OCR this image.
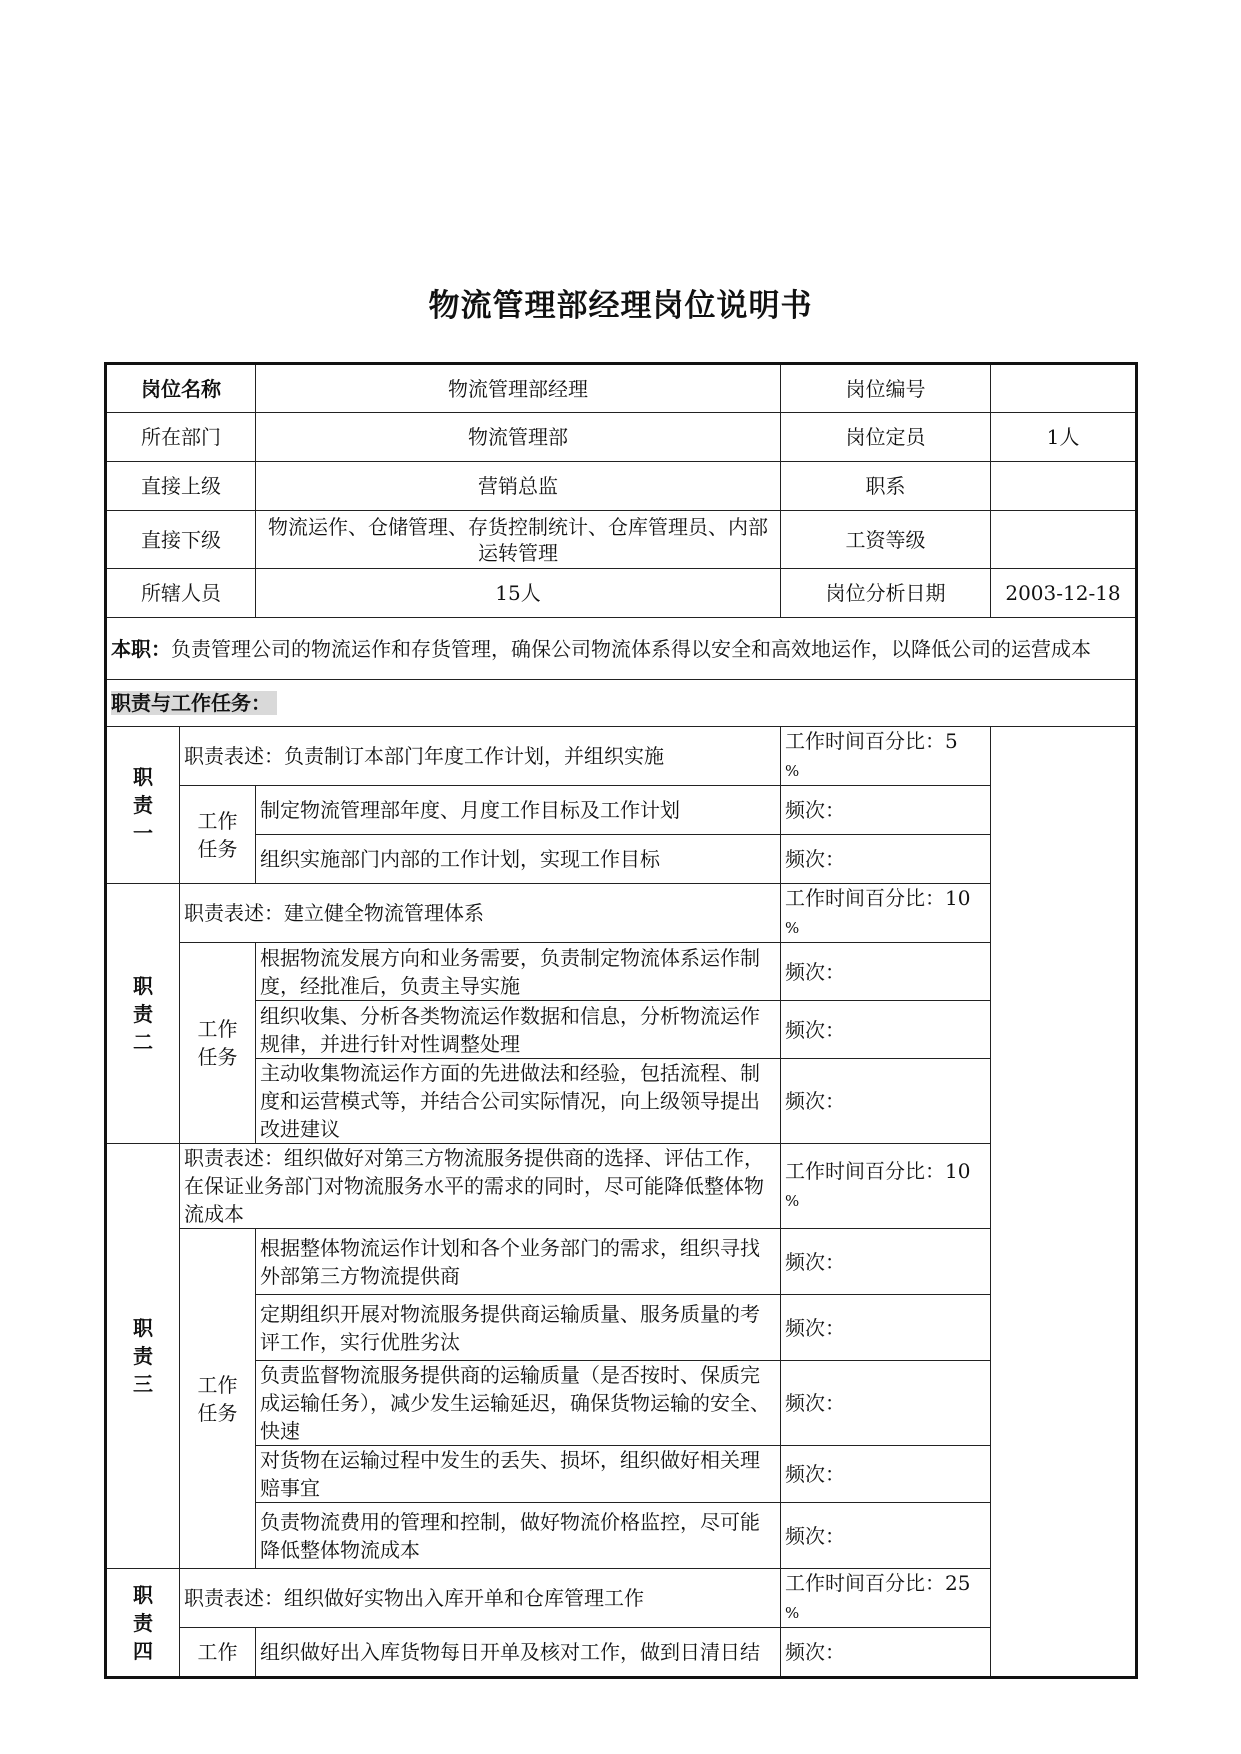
物流管理部经理岗位说明书
岗位名称		物流管理部经理	岗位编号	
所在部门		物流管理部	岗位定员	1人
直接上级		营销总监	职系	
直接下级		物流运作、仓储管理、存货控制统计、仓库管理员、内部运转管理	工资等级	
所辖人员		15人	岗位分析日期	2003-12-18
本职：负责管理公司的物流运作和存货管理，确保公司物流体系得以安全和高效地运作，以降低公司的运营成本				
职责与工作任务：				

职责一	职责表述：负责制订本部门年度工作计划，并组织实施		工作时间百分比：5
%	

	工作任务	制定物流管理部年度、月度工作目标及工作计划	频次：	
		组织实施部门内部的工作计划，实现工作目标	频次：	

职责二	职责表述：建立健全物流管理体系		工作时间百分比：10
%	

	工作任务	根据物流发展方向和业务需要，负责制定物流体系运作制度，经批准后，负责主导实施	频次：	
		组织收集、分析各类物流运作数据和信息，分析物流运作规律，并进行针对性调整处理	频次：	
		主动收集物流运作方面的先进做法和经验，包括流程、制度和运营模式等，并结合公司实际情况，向上级领导提出改进建议	频次：	

职责三	职责表述：组织做好对第三方物流服务提供商的选择、评估工作，在保证业务部门对物流服务水平的需求的同时，尽可能降低整体物流成本		工作时间百分比：10
%	

	工作任务	根据整体物流运作计划和各个业务部门的需求，组织寻找外部第三方物流提供商	频次：	
		定期组织开展对物流服务提供商运输质量、服务质量的考评工作，实行优胜劣汰	频次：	
		负责监督物流服务提供商的运输质量（是否按时、保质完成运输任务），减少发生运输延迟，确保货物运输的安全、快速	频次：	
		对货物在运输过程中发生的丢失、损坏，组织做好相关理赔事宜	频次：	
		负责物流费用的管理和控制，做好物流价格监控，尽可能降低整体物流成本	频次：	

职责四	职责表述：组织做好实物出入库开单和仓库管理工作		工作时间百分比：25
%	
	工作	组织做好出入库货物每日开单及核对工作，做到日清日结	频次：	
